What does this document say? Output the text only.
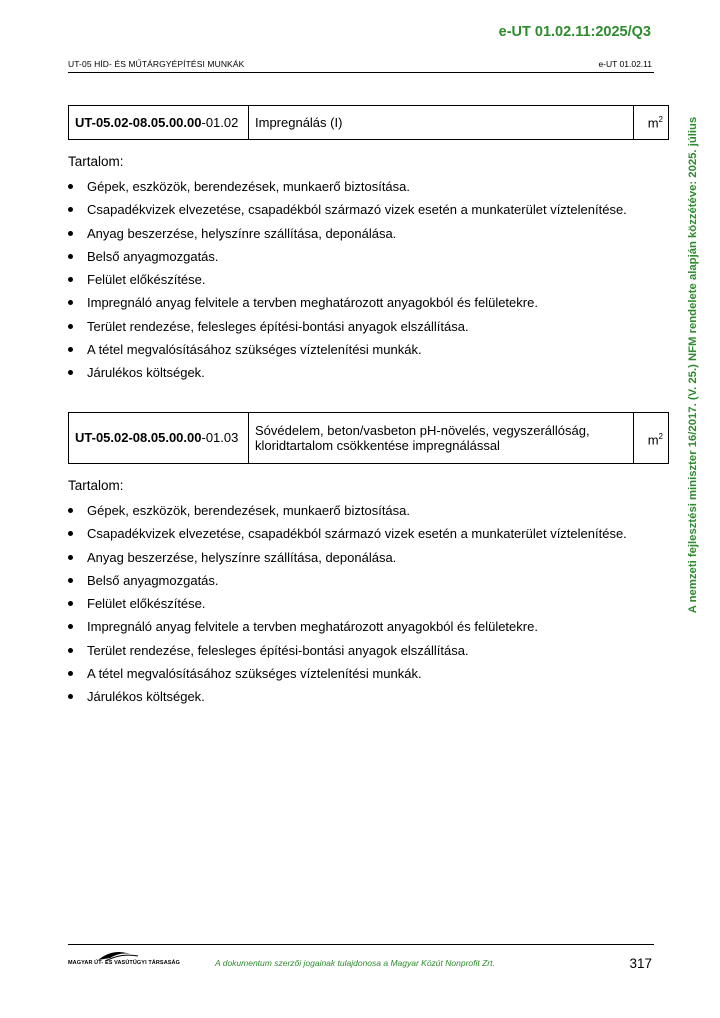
e-UT 01.02.11:2025/Q3
UT-05 HÍD- ÉS MŰTÁRGYÉPÍTÉSI MUNKÁK	e-UT 01.02.11
A nemzeti fejlesztési miniszter 16/2017. (V. 25.) NFM rendelete alapján közzétéve: 2025. július
UT-05.02-08.05.00.00-01.02	Impregnálás (I)	$m^2$
Tartalom:
Gépek, eszközök, berendezések, munkaerő biztosítása.
Csapadékvizek elvezetése, csapadékból származó vizek esetén a munkaterület víztelenítése.
Anyag beszerzése, helyszínre szállítása, deponálása.
Belső anyagmozgatás.
Felület előkészítése.
Impregnáló anyag felvitele a tervben meghatározott anyagokból és felületekre.
Terület rendezése, felesleges építési-bontási anyagok elszállítása.
A tétel megvalósításához szükséges víztelenítési munkák.
Járulékos költségek.
UT-05.02-08.05.00.00-01.03	Sóvédelem, beton/vasbeton pH-növelés, vegyszerállóság,
kloridtartalom csökkentése impregnálással	$m^2$
Tartalom:
Gépek, eszközök, berendezések, munkaerő biztosítása.
Csapadékvizek elvezetése, csapadékból származó vizek esetén a munkaterület víztelenítése.
Anyag beszerzése, helyszínre szállítása, deponálása.
Belső anyagmozgatás.
Felület előkészítése.
Impregnáló anyag felvitele a tervben meghatározott anyagokból és felületekre.
Terület rendezése, felesleges építési-bontási anyagok elszállítása.
A tétel megvalósításához szükséges víztelenítési munkák.
Járulékos költségek.
MAGYAR ÚT- ÉS VASÚTÜGYI TÁRSASÁG	A dokumentum szerzői jogainak tulajdonosa a Magyar Közút Nonprofit Zrt.	317
